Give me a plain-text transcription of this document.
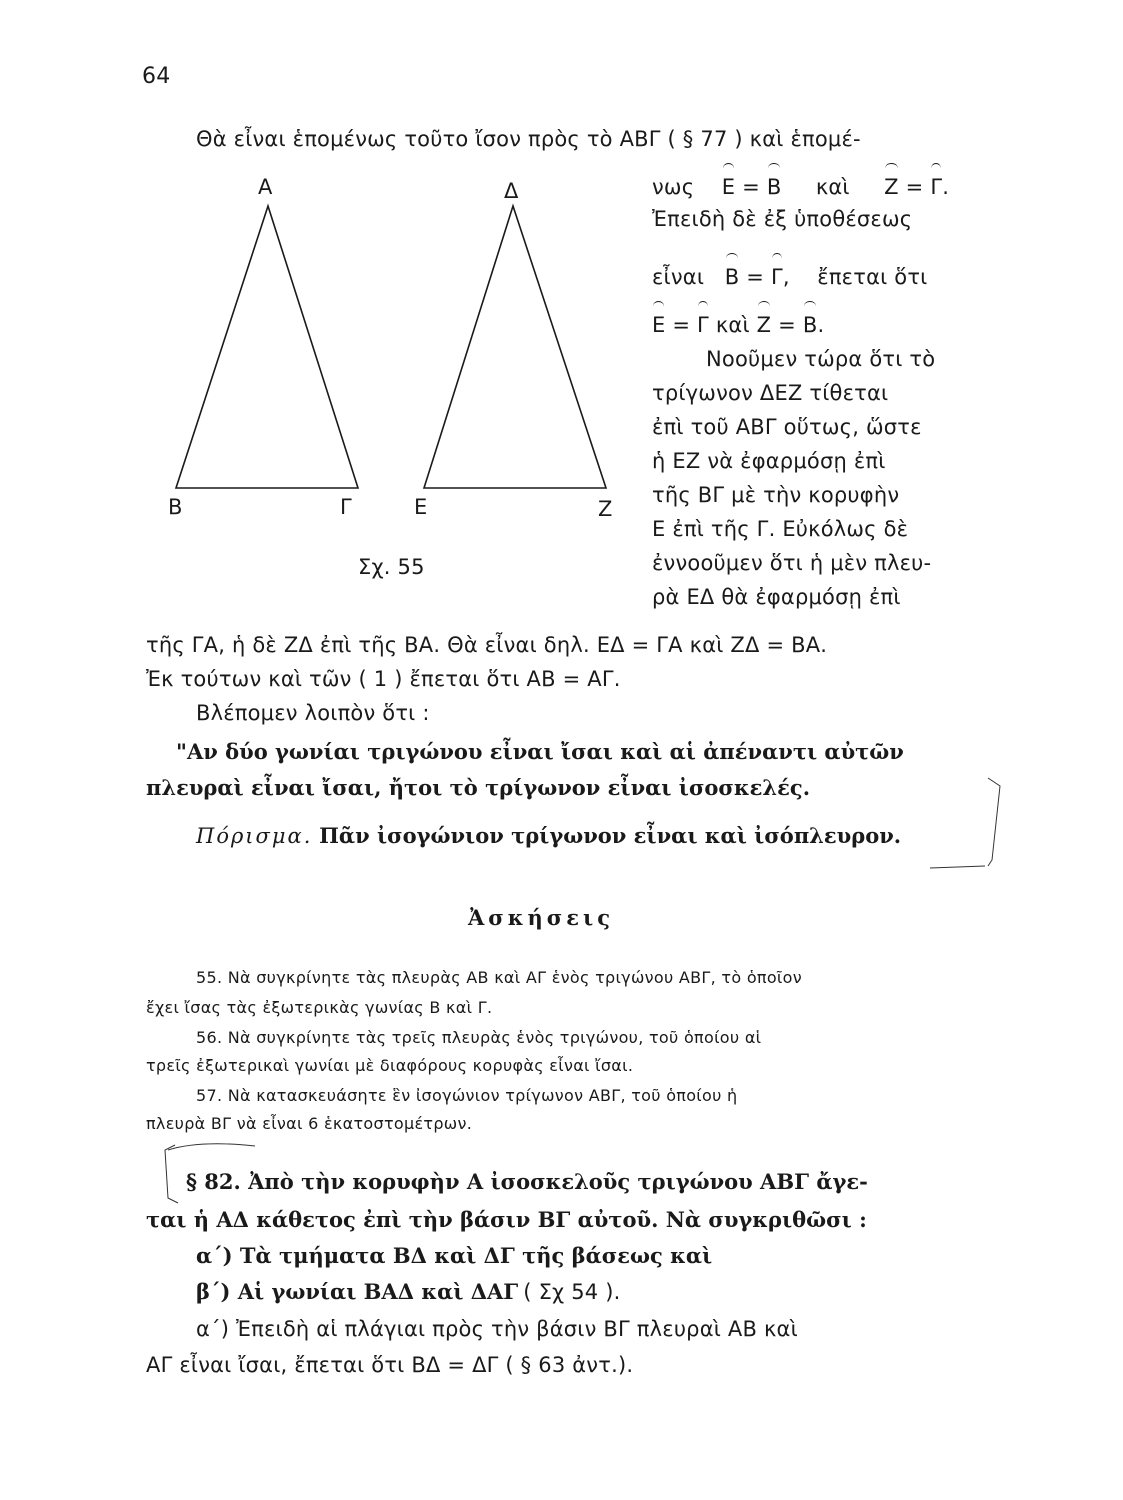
64
Α	Δ
Β	Γ	Ε	Ζ
Σχ. 55
Θὰ εἶναι ἑπομένως τοῦτο ἴσον πρὸς τὸ ΑΒΓ ( § 77 ) καὶ ἑπομέ-
νως Ε = Β καὶ Ζ = Γ.
Ἐπειδὴ δὲ ἐξ ὑποθέσεως
εἶναι Β = Γ, ἔπεται ὅτι
Ε = Γ καὶ Ζ = Β.
Νοοῦμεν τώρα ὅτι τὸ
τρίγωνον ΔΕΖ τίθεται
ἐπὶ τοῦ ΑΒΓ οὕτως, ὥστε
ἡ ΕΖ νὰ ἐφαρμόσῃ ἐπὶ
τῆς ΒΓ μὲ τὴν κορυφὴν
Ε ἐπὶ τῆς Γ. Εὐκόλως δὲ
ἐννοοῦμεν ὅτι ἡ μὲν πλευ-
ρὰ ΕΔ θὰ ἐφαρμόσῃ ἐπὶ
τῆς ΓΑ, ἡ δὲ ΖΔ ἐπὶ τῆς ΒΑ. Θὰ εἶναι δηλ. ΕΔ = ΓΑ καὶ ΖΔ = ΒΑ.
Ἐκ τούτων καὶ τῶν ( 1 ) ἔπεται ὅτι ΑΒ = ΑΓ.
Βλέπομεν λοιπὸν ὅτι :
"Αν δύο γωνίαι τριγώνου εἶναι ἴσαι καὶ αἱ ἀπέναντι αὐτῶν
πλευραὶ εἶναι ἴσαι, ἤτοι τὸ τρίγωνον εἶναι ἰσοσκελές.
Πόρισμα. Πᾶν ἰσογώνιον τρίγωνον εἶναι καὶ ἰσόπλευρον.
Ἀσκήσεις
55. Νὰ συγκρίνητε τὰς πλευρὰς ΑΒ καὶ ΑΓ ἑνὸς τριγώνου ΑΒΓ, τὸ ὁποῖον
ἔχει ἴσας τὰς ἐξωτερικὰς γωνίας Β καὶ Γ.
56. Νὰ συγκρίνητε τὰς τρεῖς πλευρὰς ἑνὸς τριγώνου, τοῦ ὁποίου αἱ
τρεῖς ἐξωτερικαὶ γωνίαι μὲ διαφόρους κορυφὰς εἶναι ἴσαι.
57. Νὰ κατασκευάσητε ἓν ἰσογώνιον τρίγωνον ΑΒΓ, τοῦ ὁποίου ἡ
πλευρὰ ΒΓ νὰ εἶναι 6 ἑκατοστομέτρων.
§ 82. Ἀπὸ τὴν κορυφὴν Α ἰσοσκελοῦς τριγώνου ΑΒΓ ἄγε-
ται ἡ ΑΔ κάθετος ἐπὶ τὴν βάσιν ΒΓ αὐτοῦ. Νὰ συγκριθῶσι :
α΄) Τὰ τμήματα ΒΔ καὶ ΔΓ τῆς βάσεως καὶ
β΄) Αἱ γωνίαι ΒΑΔ καὶ ΔΑΓ ( Σχ 54 ).
α΄) Ἐπειδὴ αἱ πλάγιαι πρὸς τὴν βάσιν ΒΓ πλευραὶ ΑΒ καὶ
ΑΓ εἶναι ἴσαι, ἔπεται ὅτι ΒΔ = ΔΓ ( § 63 ἀντ.).
